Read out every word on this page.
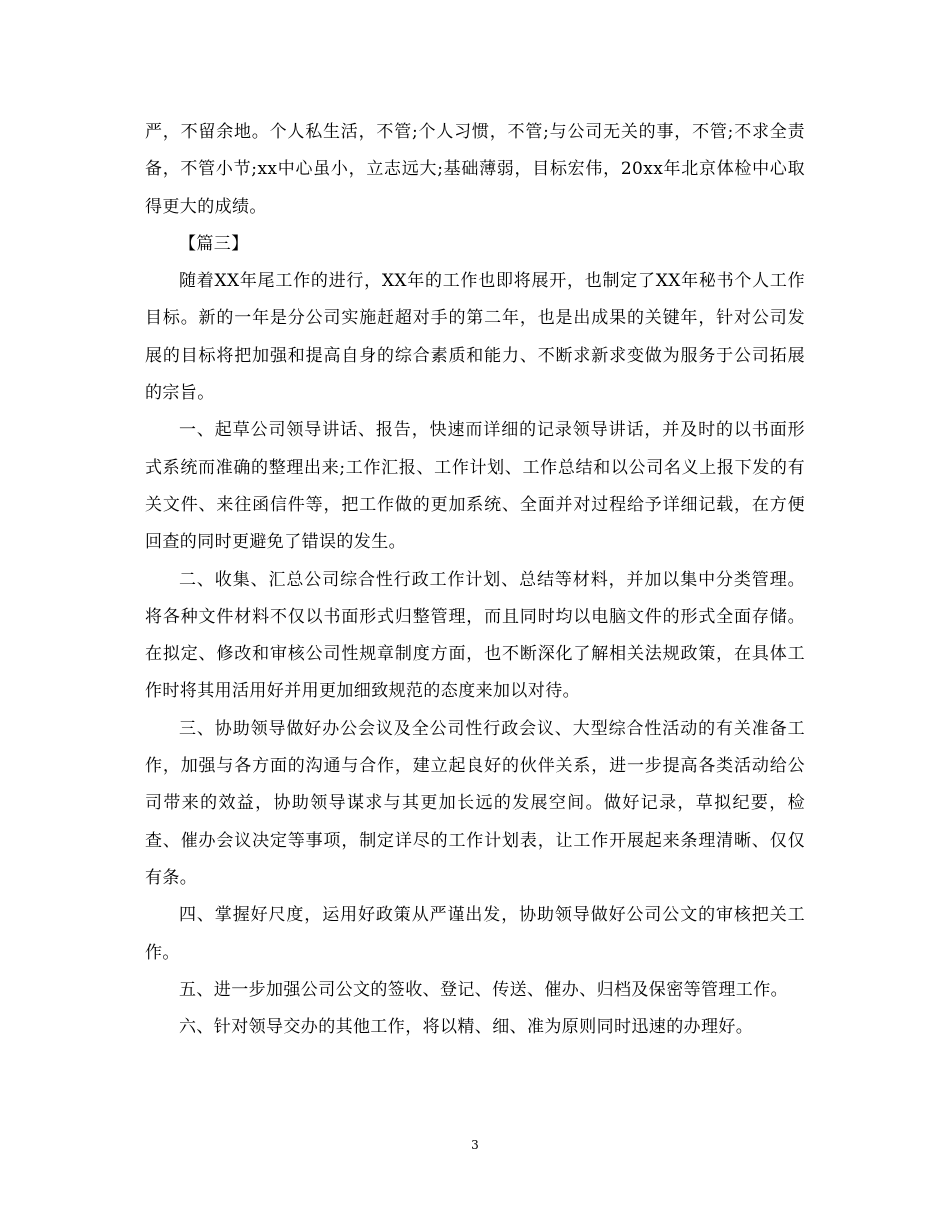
严，不留余地。个人私生活，不管;个人习惯，不管;与公司无关的事，不管;不求全责备，不管小节;xx中心虽小，立志远大;基础薄弱，目标宏伟，20xx年北京体检中心取得更大的成绩。

【篇三】

随着XX年尾工作的进行，XX年的工作也即将展开，也制定了XX年秘书个人工作目标。新的一年是分公司实施赶超对手的第二年，也是出成果的关键年，针对公司发展的目标将把加强和提高自身的综合素质和能力、不断求新求变做为服务于公司拓展的宗旨。

一、起草公司领导讲话、报告，快速而详细的记录领导讲话，并及时的以书面形式系统而准确的整理出来;工作汇报、工作计划、工作总结和以公司名义上报下发的有关文件、来往函信件等，把工作做的更加系统、全面并对过程给予详细记载，在方便回查的同时更避免了错误的发生。

二、收集、汇总公司综合性行政工作计划、总结等材料，并加以集中分类管理。将各种文件材料不仅以书面形式归整管理，而且同时均以电脑文件的形式全面存储。在拟定、修改和审核公司性规章制度方面，也不断深化了解相关法规政策，在具体工作时将其用活用好并用更加细致规范的态度来加以对待。

三、协助领导做好办公会议及全公司性行政会议、大型综合性活动的有关准备工作，加强与各方面的沟通与合作，建立起良好的伙伴关系，进一步提高各类活动给公司带来的效益，协助领导谋求与其更加长远的发展空间。做好记录，草拟纪要，检查、催办会议决定等事项，制定详尽的工作计划表，让工作开展起来条理清晰、仅仅有条。

四、掌握好尺度，运用好政策从严谨出发，协助领导做好公司公文的审核把关工作。

五、进一步加强公司公文的签收、登记、传送、催办、归档及保密等管理工作。

六、针对领导交办的其他工作，将以精、细、准为原则同时迅速的办理好。

3
